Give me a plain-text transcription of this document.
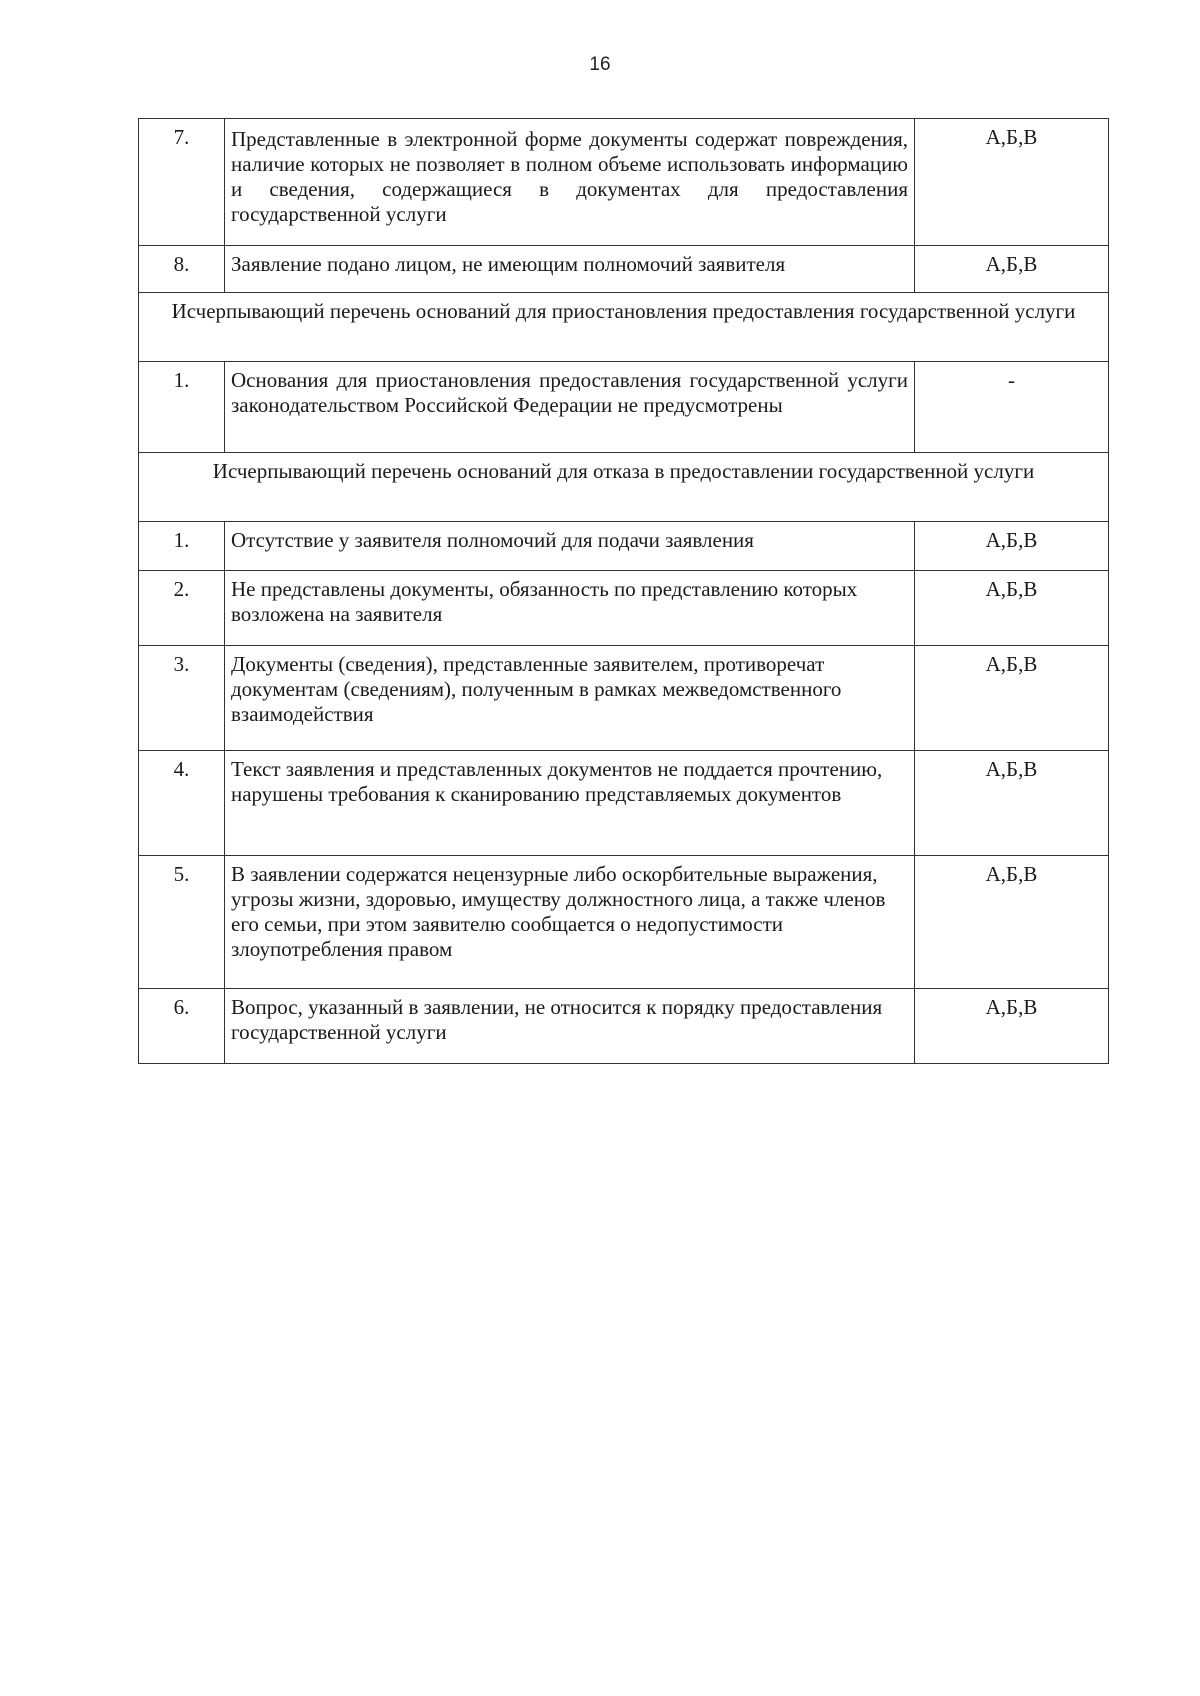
16
7.	Представленные в электронной форме документы содержат повреждения, наличие которых не позволяет в полном объеме использовать информацию и сведения, содержащиеся в документах для предоставления государственной услуги	А,Б,В
8.	Заявление подано лицом, не имеющим полномочий заявителя	А,Б,В
Исчерпывающий перечень оснований для приостановления предоставления государственной услуги		
1.	Основания для приостановления предоставления государственной услуги законодательством Российской Федерации не предусмотрены	-
Исчерпывающий перечень оснований для отказа в предоставлении государственной услуги		
1.	Отсутствие у заявителя полномочий для подачи заявления	А,Б,В
2.	Не представлены документы, обязанность по представлению которых возложена на заявителя	А,Б,В
3.	Документы (сведения), представленные заявителем, противоречат документам (сведениям), полученным в рамках межведомственного взаимодействия	А,Б,В
4.	Текст заявления и представленных документов не поддается прочтению, нарушены требования к сканированию представляемых документов	А,Б,В
5.	В заявлении содержатся нецензурные либо оскорбительные выражения, угрозы жизни, здоровью, имуществу должностного лица, а также членов его семьи, при этом заявителю сообщается о недопустимости злоупотребления правом	А,Б,В
6.	Вопрос, указанный в заявлении, не относится к порядку предоставления государственной услуги	А,Б,В
